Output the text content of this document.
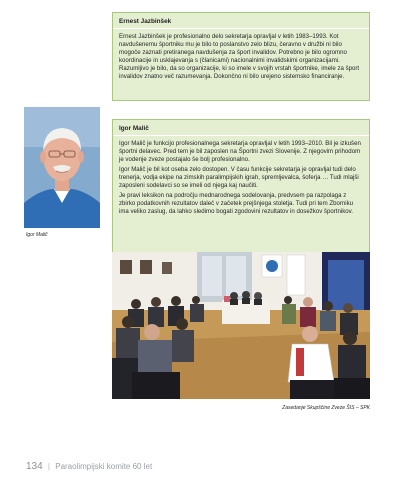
Ernest Jazbinšek

Ernest Jazbinšek je profesionalno delo sekretarja opravljal v letih 1983–1993. Kot navdušenemu športniku mu je bilo to poslanstvo zelo blizu, čeravno v družbi ni bilo mogoče zaznati pretiranega navdušenja za šport invalidov. Potrebno je bilo ogromno koordinacije in usklajevanja s (članicami) nacionalnimi invalidskimi organizacijami. Razumljivo je bilo, da so organizacije, ki so imele v svojih vrstah športnike, imele za šport invalidov znatno več razumevanja. Dokončno ni bilo urejeno sistemsko financiranje.

Igor Malič
Igor Malič

Igor Malič je funkcijo profesionalnega sekretarja opravljal v letih 1993–2010. Bil je izkušen športni delavec. Pred tem je bil zaposlen na Športni zvezi Slovenije. Z njegovim prihodom je vodenje zveze postajalo še bolj profesionalno.

Igor Malič je bil kot oseba zelo dostopen. V času funkcije sekretarja je opravljal tudi delo trenerja, vodja ekipe na zimskih paralimpijskih igrah, spremljevalca, šoferja … Tudi mlajši zaposleni sodelavci so se imeli od njega kaj naučiti.

Je pravi leksikon na področju mednarodnega sodelovanja, predvsem pa razpolaga z zbirko podatkovnih rezultatov daleč v začetek prejšnjega stoletja. Tudi pri tem Zborniku ima veliko zaslug, da lahko sledimo bogati zgodovini rezultatov in dosežkov športnikov.

Zasedanje Skupščine Zveze ŠIS – SPK
134 | Paraolimpijski komite 60 let
